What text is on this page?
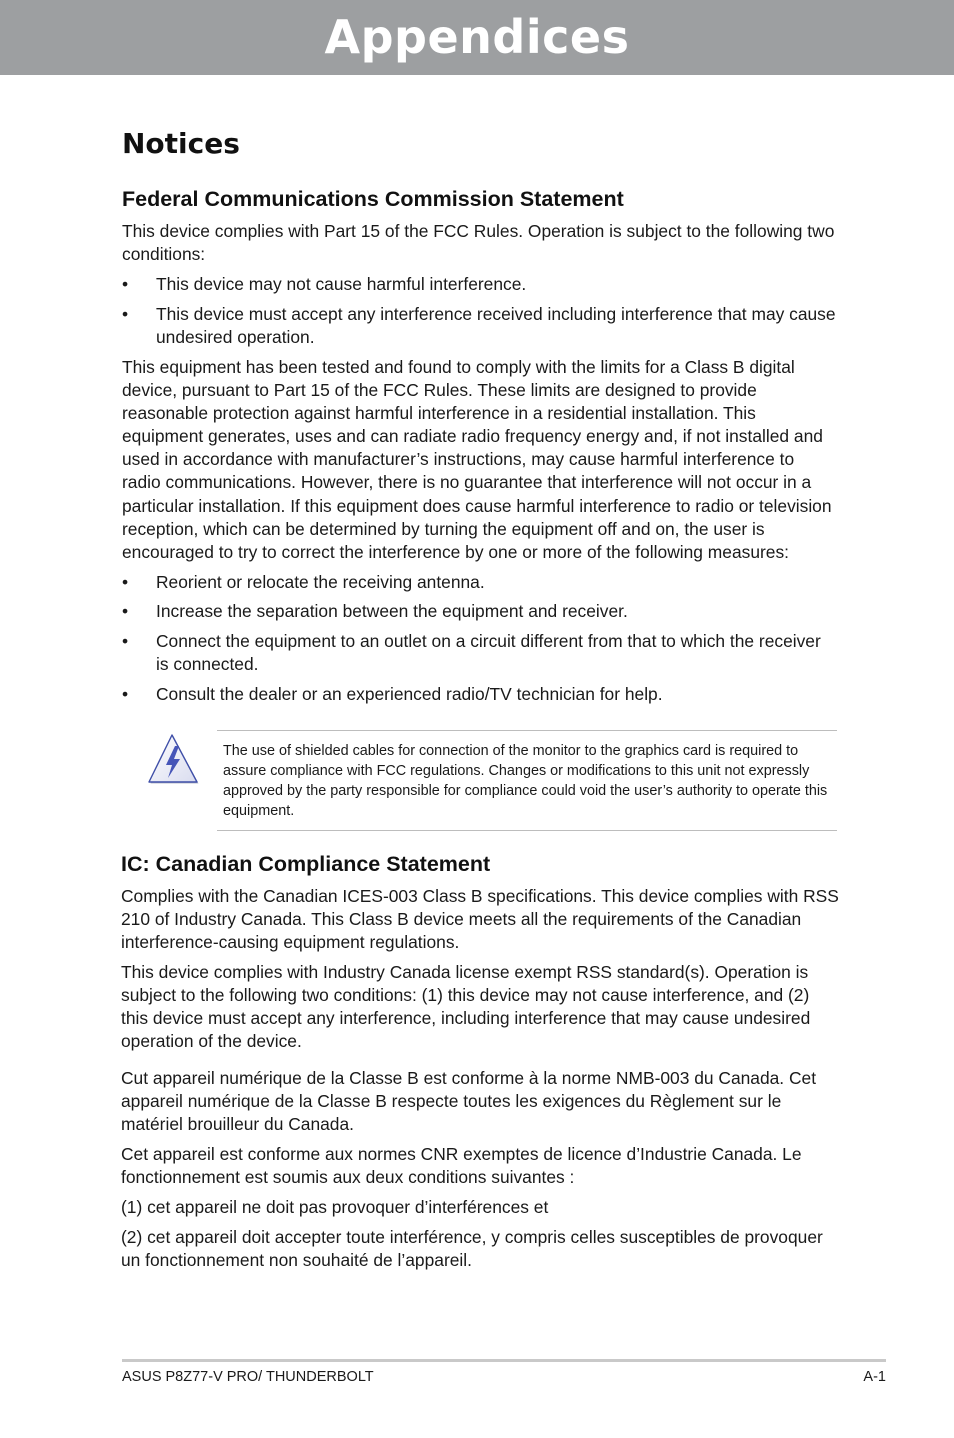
Appendices
Notices
Federal Communications Commission Statement

This device complies with Part 15 of the FCC Rules. Operation is subject to the following two conditions:

•	This device may not cause harmful interference.
•	This device must accept any interference received including interference that may cause undesired operation.

This equipment has been tested and found to comply with the limits for a Class B digital device, pursuant to Part 15 of the FCC Rules. These limits are designed to provide reasonable protection against harmful interference in a residential installation. This equipment generates, uses and can radiate radio frequency energy and, if not installed and used in accordance with manufacturer’s instructions, may cause harmful interference to radio communications. However, there is no guarantee that interference will not occur in a particular installation. If this equipment does cause harmful interference to radio or television reception, which can be determined by turning the equipment off and on, the user is encouraged to try to correct the interference by one or more of the following measures:

•	Reorient or relocate the receiving antenna.
•	Increase the separation between the equipment and receiver.
•	Connect the equipment to an outlet on a circuit different from that to which the receiver is connected.
•	Consult the dealer or an experienced radio/TV technician for help.
The use of shielded cables for connection of the monitor to the graphics card is required to assure compliance with FCC regulations. Changes or modifications to this unit not expressly approved by the party responsible for compliance could void the user’s authority to operate this equipment.
IC: Canadian Compliance Statement

Complies with the Canadian ICES-003 Class B specifications. This device complies with RSS 210 of Industry Canada. This Class B device meets all the requirements of the Canadian interference-causing equipment regulations.

This device complies with Industry Canada license exempt RSS standard(s). Operation is subject to the following two conditions: (1) this device may not cause interference, and (2) this device must accept any interference, including interference that may cause undesired operation of the device.

Cut appareil numérique de la Classe B est conforme à la norme NMB-003 du Canada. Cet appareil numérique de la Classe B respecte toutes les exigences du Règlement sur le matériel brouilleur du Canada.

Cet appareil est conforme aux normes CNR exemptes de licence d’Industrie Canada. Le fonctionnement est soumis aux deux conditions suivantes :

(1) cet appareil ne doit pas provoquer d’interférences et

(2) cet appareil doit accepter toute interférence, y compris celles susceptibles de provoquer un fonctionnement non souhaité de l’appareil.

ASUS P8Z77-V PRO/ THUNDERBOLT	A-1
